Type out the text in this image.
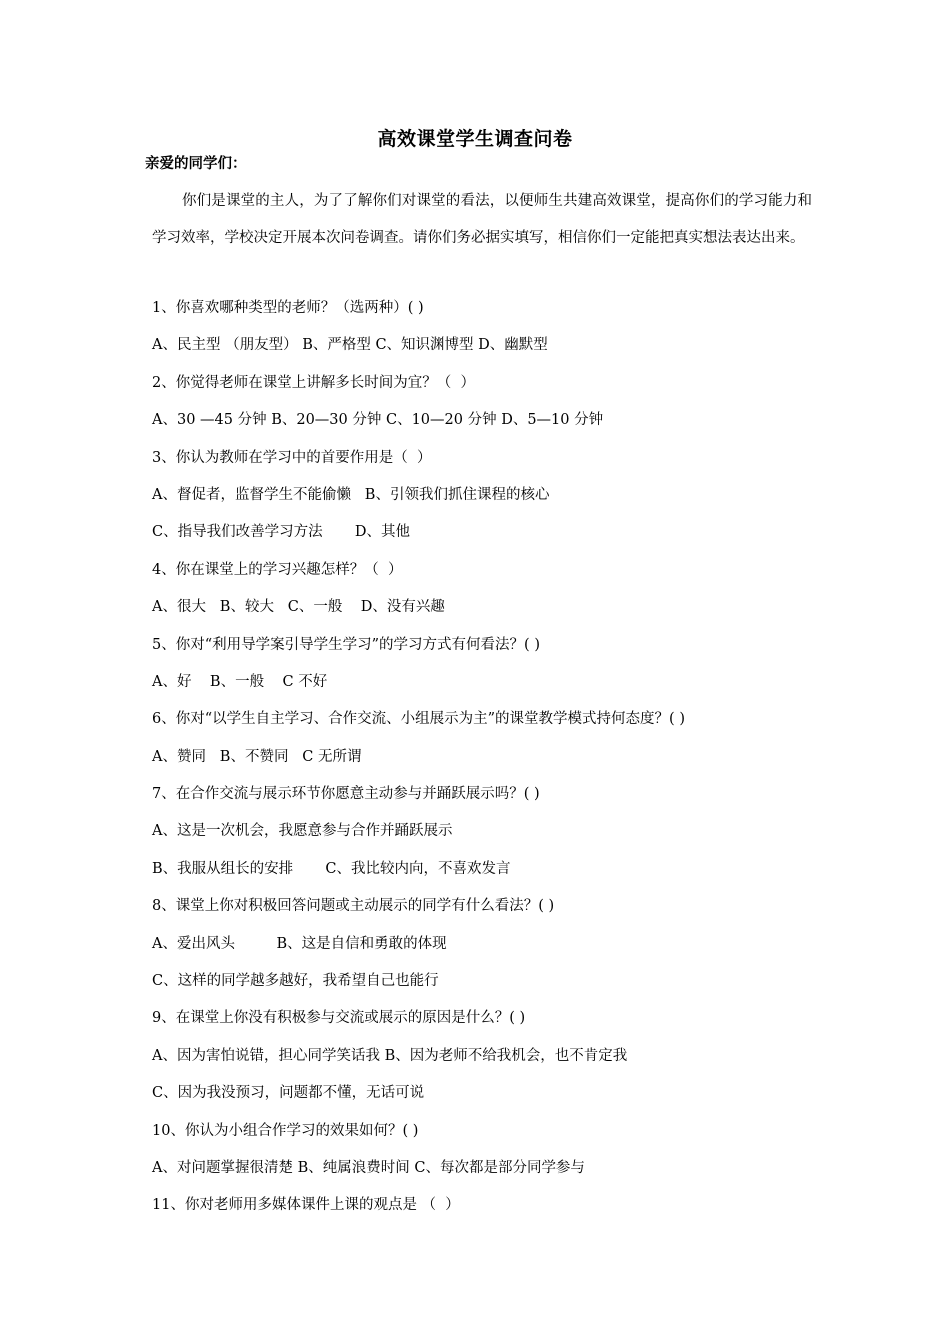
高效课堂学生调查问卷
亲爱的同学们：
你们是课堂的主人，为了了解你们对课堂的看法，以便师生共建高效课堂，提高你们的学习能力和学习效率，学校决定开展本次问卷调查。请你们务必据实填写，相信你们一定能把真实想法表达出来。
1、你喜欢哪种类型的老师？（选两种）( )
A、民主型 （朋友型） B、严格型 C、知识渊博型 D、幽默型
2、你觉得老师在课堂上讲解多长时间为宜？（  ）
A、30 —45 分钟 B、20—30 分钟 C、10—20 分钟 D、5—10 分钟
3、你认为教师在学习中的首要作用是（  ）
A、督促者，监督学生不能偷懒   B、引领我们抓住课程的核心
C、指导我们改善学习方法       D、其他
4、你在课堂上的学习兴趣怎样？（  ）
A、很大   B、较大   C、一般    D、没有兴趣
5、你对“利用导学案引导学生学习”的学习方式有何看法？( )
A、好    B、一般    C 不好
6、你对“以学生自主学习、合作交流、小组展示为主”的课堂教学模式持何态度？( )
A、赞同   B、不赞同   C 无所谓
7、在合作交流与展示环节你愿意主动参与并踊跃展示吗？( )
A、这是一次机会，我愿意参与合作并踊跃展示
B、我服从组长的安排       C、我比较内向，不喜欢发言
8、课堂上你对积极回答问题或主动展示的同学有什么看法？( )
A、爱出风头         B、这是自信和勇敢的体现
C、这样的同学越多越好，我希望自己也能行
9、在课堂上你没有积极参与交流或展示的原因是什么？( )
A、因为害怕说错，担心同学笑话我 B、因为老师不给我机会，也不肯定我
C、因为我没预习，问题都不懂，无话可说
10、你认为小组合作学习的效果如何？( )
A、对问题掌握很清楚 B、纯属浪费时间 C、每次都是部分同学参与
11、你对老师用多媒体课件上课的观点是 （  ）
